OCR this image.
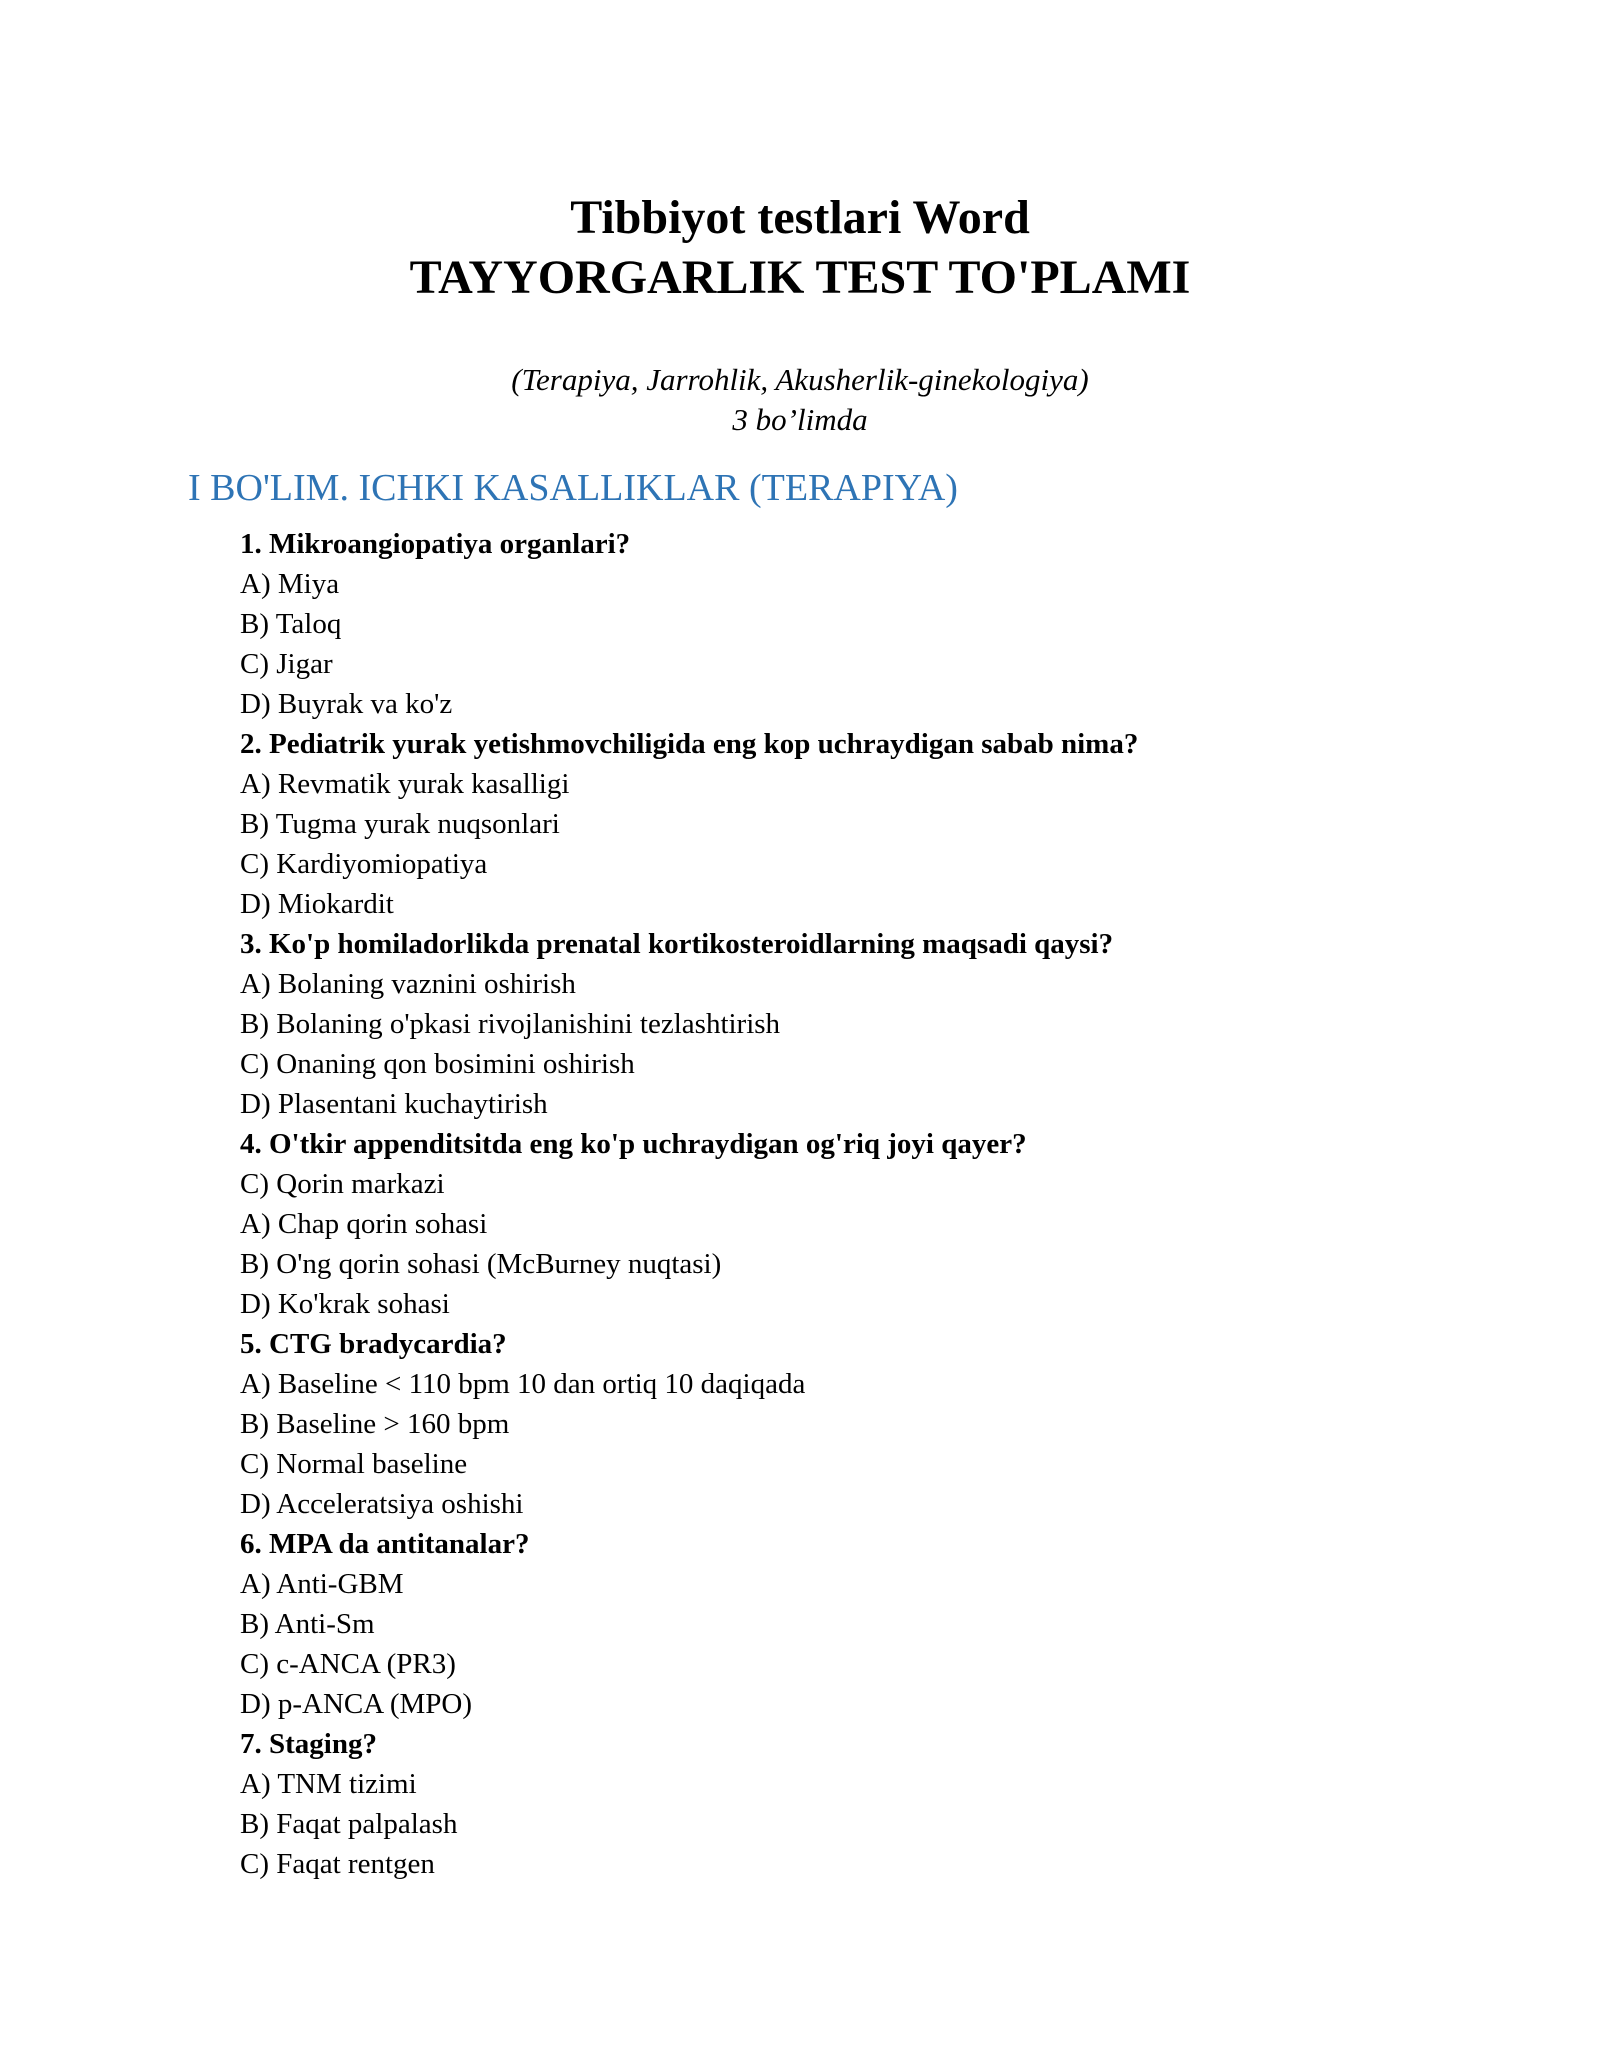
Tibbiyot testlari Word
TAYYORGARLIK TEST TO'PLAMI
(Terapiya, Jarrohlik, Akusherlik-ginekologiya)
3 bo’limda
I BO'LIM. ICHKI KASALLIKLAR (TERAPIYA)
1. Mikroangiopatiya organlari?
A) Miya
B) Taloq
C) Jigar
D) Buyrak va ko'z
2. Pediatrik yurak yetishmovchiligida eng kop uchraydigan sabab nima?
A) Revmatik yurak kasalligi
B) Tugma yurak nuqsonlari
C) Kardiyomiopatiya
D) Miokardit
3. Ko'p homiladorlikda prenatal kortikosteroidlarning maqsadi qaysi?
A) Bolaning vaznini oshirish
B) Bolaning o'pkasi rivojlanishini tezlashtirish
C) Onaning qon bosimini oshirish
D) Plasentani kuchaytirish
4. O'tkir appenditsitda eng ko'p uchraydigan og'riq joyi qayer?
C) Qorin markazi
A) Chap qorin sohasi
B) O'ng qorin sohasi (McBurney nuqtasi)
D) Ko'krak sohasi
5. CTG bradycardia?
A) Baseline < 110 bpm 10 dan ortiq 10 daqiqada
B) Baseline > 160 bpm
C) Normal baseline
D) Acceleratsiya oshishi
6. MPA da antitanalar?
A) Anti-GBM
B) Anti-Sm
C) c-ANCA (PR3)
D) p-ANCA (MPO)
7. Staging?
A) TNM tizimi
B) Faqat palpalash
C) Faqat rentgen
